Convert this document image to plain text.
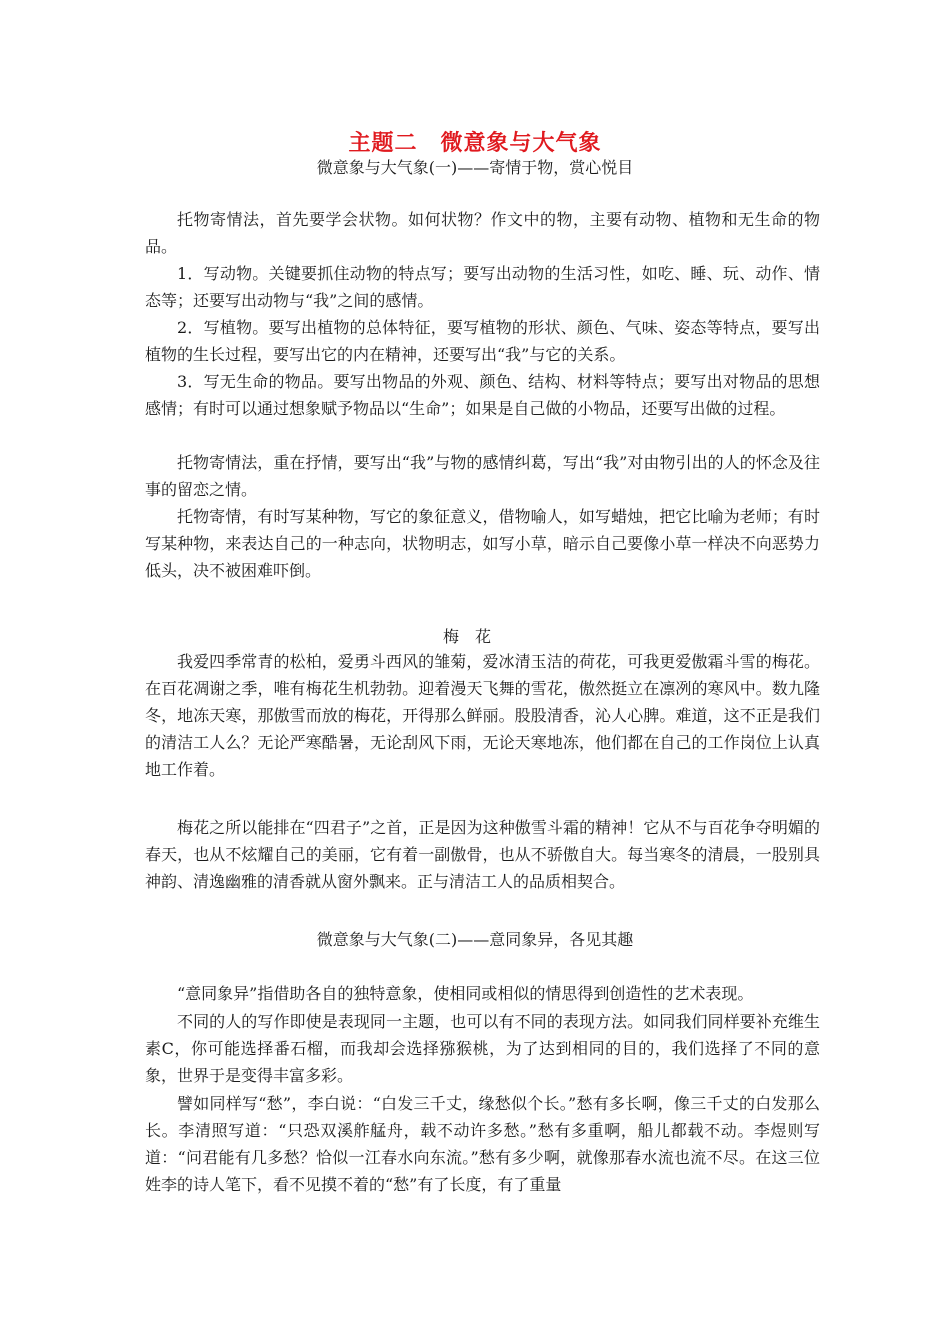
主题二　微意象与大气象
微意象与大气象(一)——寄情于物，赏心悦目

托物寄情法，首先要学会状物。如何状物？作文中的物，主要有动物、植物和无生命的物品。

1．写动物。关键要抓住动物的特点写；要写出动物的生活习性，如吃、睡、玩、动作、情态等；还要写出动物与“我”之间的感情。

2．写植物。要写出植物的总体特征，要写植物的形状、颜色、气味、姿态等特点，要写出植物的生长过程，要写出它的内在精神，还要写出“我”与它的关系。

3．写无生命的物品。要写出物品的外观、颜色、结构、材料等特点；要写出对物品的思想感情；有时可以通过想象赋予物品以“生命”；如果是自己做的小物品，还要写出做的过程。

托物寄情法，重在抒情，要写出“我”与物的感情纠葛，写出“我”对由物引出的人的怀念及往事的留恋之情。

托物寄情，有时写某种物，写它的象征意义，借物喻人，如写蜡烛，把它比喻为老师；有时写某种物，来表达自己的一种志向，状物明志，如写小草，暗示自己要像小草一样决不向恶势力低头，决不被困难吓倒。

梅花

我爱四季常青的松柏，爱勇斗西风的雏菊，爱冰清玉洁的荷花，可我更爱傲霜斗雪的梅花。在百花凋谢之季，唯有梅花生机勃勃。迎着漫天飞舞的雪花，傲然挺立在凛冽的寒风中。数九隆冬，地冻天寒，那傲雪而放的梅花，开得那么鲜丽。股股清香，沁人心脾。难道，这不正是我们的清洁工人么？无论严寒酷暑，无论刮风下雨，无论天寒地冻，他们都在自己的工作岗位上认真地工作着。

梅花之所以能排在“四君子”之首，正是因为这种傲雪斗霜的精神！它从不与百花争夺明媚的春天，也从不炫耀自己的美丽，它有着一副傲骨，也从不骄傲自大。每当寒冬的清晨，一股别具神韵、清逸幽雅的清香就从窗外飘来。正与清洁工人的品质相契合。

微意象与大气象(二)——意同象异，各见其趣

“意同象异”指借助各自的独特意象，使相同或相似的情思得到创造性的艺术表现。

不同的人的写作即使是表现同一主题，也可以有不同的表现方法。如同我们同样要补充维生素C，你可能选择番石榴，而我却会选择猕猴桃，为了达到相同的目的，我们选择了不同的意象，世界于是变得丰富多彩。

譬如同样写“愁”，李白说：“白发三千丈，缘愁似个长。”愁有多长啊，像三千丈的白发那么长。李清照写道：“只恐双溪舴艋舟，载不动许多愁。”愁有多重啊，船儿都载不动。李煜则写道：“问君能有几多愁？恰似一江春水向东流。”愁有多少啊，就像那春水流也流不尽。在这三位姓李的诗人笔下，看不见摸不着的“愁”有了长度，有了重量
